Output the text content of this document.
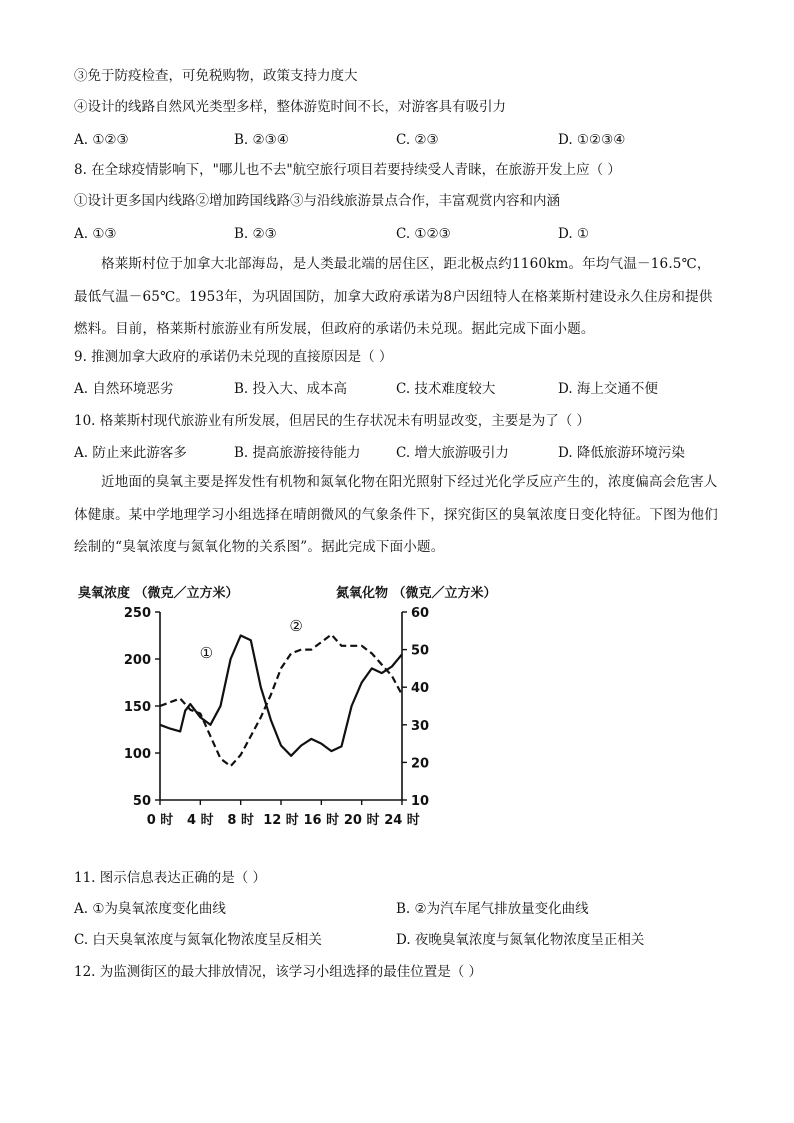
③免于防疫检查，可免税购物，政策支持力度大
④设计的线路自然风光类型多样，整体游览时间不长，对游客具有吸引力
A. ①②③	B. ②③④	C. ②③	D. ①②③④
8. 在全球疫情影响下，"哪儿也不去"航空旅行项目若要持续受人青睐，在旅游开发上应（ ）
①设计更多国内线路②增加跨国线路③与沿线旅游景点合作，丰富观赏内容和内涵
A. ①③	B. ②③	C. ①②③	D. ①
格莱斯村位于加拿大北部海岛，是人类最北端的居住区，距北极点约1160km。年均气温－16.5℃，最低气温－65℃。1953年，为巩固国防，加拿大政府承诺为8户因纽特人在格莱斯村建设永久住房和提供燃料。目前，格莱斯村旅游业有所发展，但政府的承诺仍未兑现。据此完成下面小题。
9. 推测加拿大政府的承诺仍未兑现的直接原因是（ ）
A. 自然环境恶劣	B. 投入大、成本高	C. 技术难度较大	D. 海上交通不便
10. 格莱斯村现代旅游业有所发展，但居民的生存状况未有明显改变，主要是为了（ ）
A. 防止来此游客多	B. 提高旅游接待能力	C. 增大旅游吸引力	D. 降低旅游环境污染
近地面的臭氧主要是挥发性有机物和氮氧化物在阳光照射下经过光化学反应产生的，浓度偏高会危害人体健康。某中学地理学习小组选择在晴朗微风的气象条件下，探究街区的臭氧浓度日变化特征。下图为他们绘制的“臭氧浓度与氮氧化物的关系图”。据此完成下面小题。
臭氧浓度 （微克／立方米）	氮氧化物 （微克／立方米）
250
200
150
100
50
60
50
40
30
20
10
0 时 4 时 8 时 12 时 16 时 20 时 24 时
①
②
11. 图示信息表达正确的是（ ）
A. ①为臭氧浓度变化曲线	B. ②为汽车尾气排放量变化曲线
C. 白天臭氧浓度与氮氧化物浓度呈反相关	D. 夜晚臭氧浓度与氮氧化物浓度呈正相关
12. 为监测街区的最大排放情况，该学习小组选择的最佳位置是（ ）
